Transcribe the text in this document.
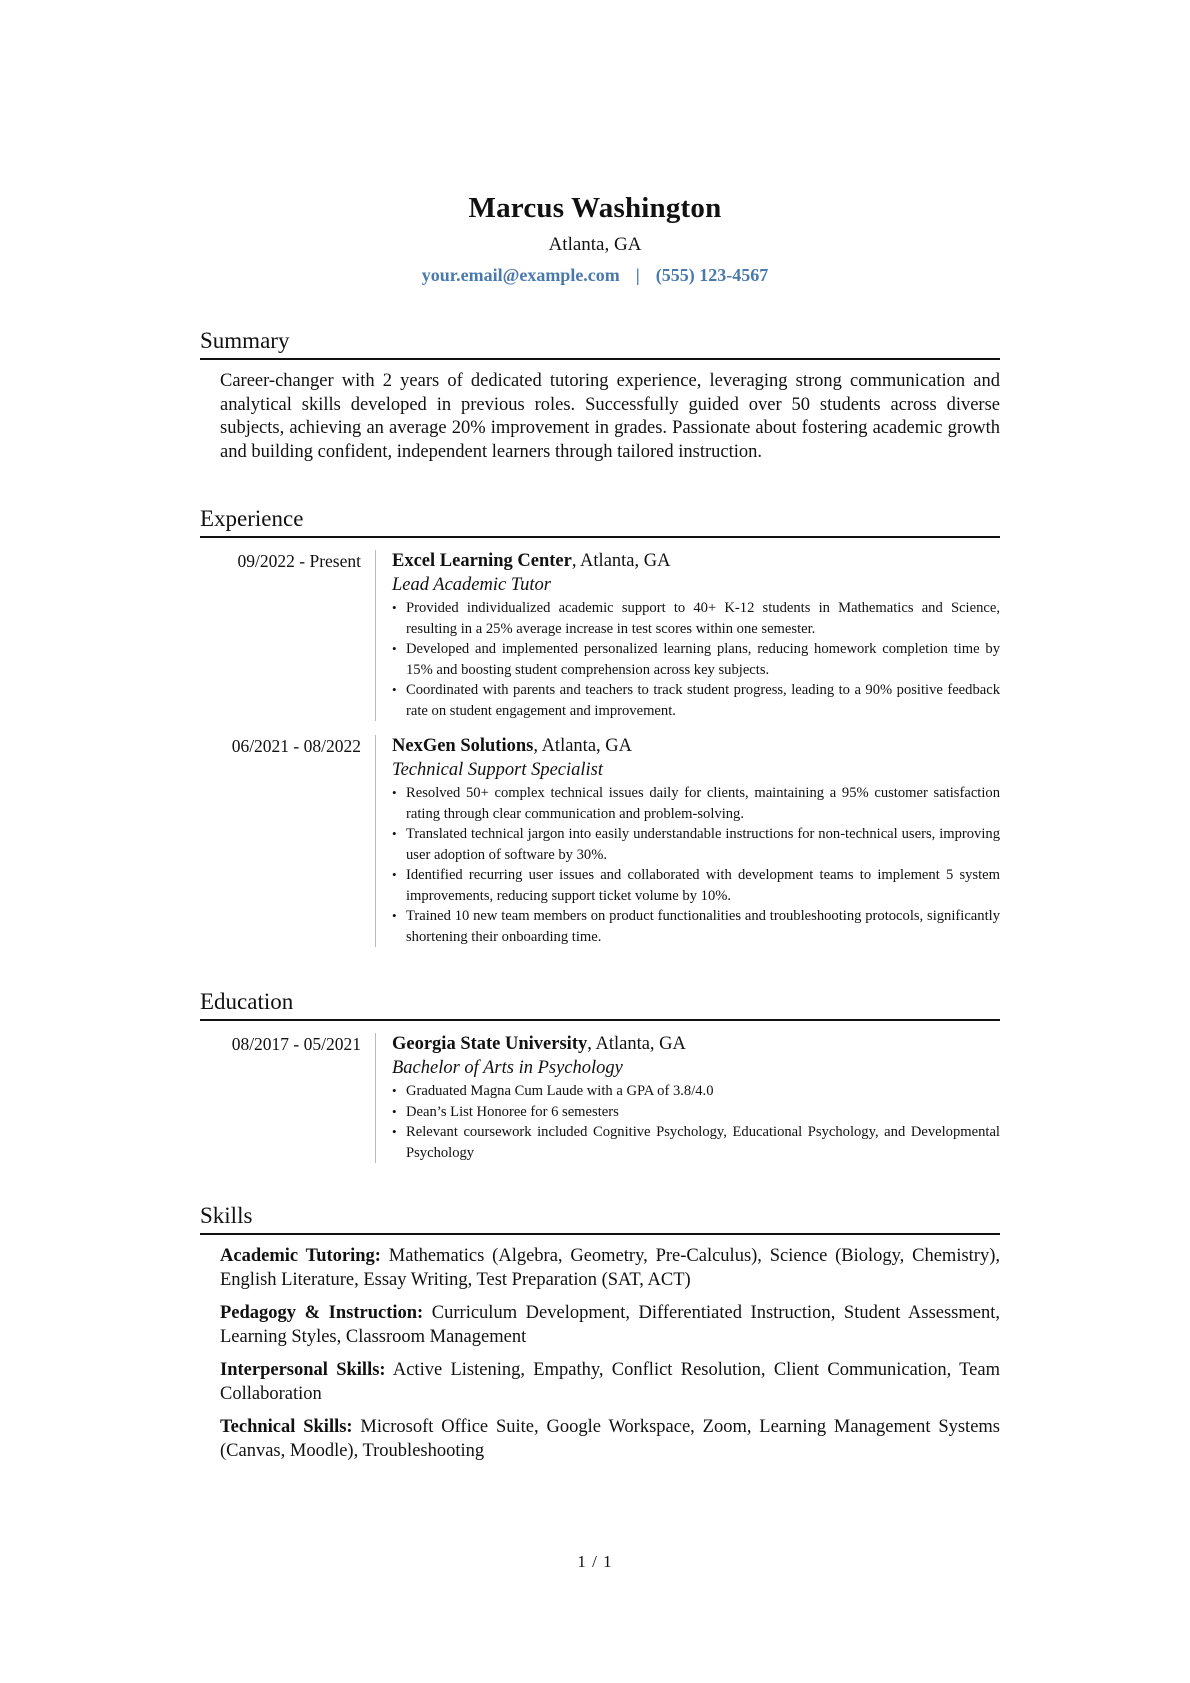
Marcus Washington
Atlanta, GA
your.email@example.com | (555) 123-4567
Summary
Career-changer with 2 years of dedicated tutoring experience, leveraging strong communication and analytical skills developed in previous roles. Successfully guided over 50 students across diverse subjects, achieving an average 20% improvement in grades. Passionate about fostering academic growth and building confident, independent learners through tailored instruction.
Experience
09/2022 - Present	Excel Learning Center, Atlanta, GA
Lead Academic Tutor
• Provided individualized academic support to 40+ K-12 students in Mathematics and Science, resulting in a 25% average increase in test scores within one semester.
• Developed and implemented personalized learning plans, reducing homework completion time by 15% and boosting student comprehension across key subjects.
• Coordinated with parents and teachers to track student progress, leading to a 90% positive feedback rate on student engagement and improvement.
06/2021 - 08/2022	NexGen Solutions, Atlanta, GA
Technical Support Specialist
• Resolved 50+ complex technical issues daily for clients, maintaining a 95% customer satisfaction rating through clear communication and problem-solving.
• Translated technical jargon into easily understandable instructions for non-technical users, improving user adoption of software by 30%.
• Identified recurring user issues and collaborated with development teams to implement 5 system improvements, reducing support ticket volume by 10%.
• Trained 10 new team members on product functionalities and troubleshooting protocols, significantly shortening their onboarding time.
Education
08/2017 - 05/2021	Georgia State University, Atlanta, GA
Bachelor of Arts in Psychology
• Graduated Magna Cum Laude with a GPA of 3.8/4.0
• Dean’s List Honoree for 6 semesters
• Relevant coursework included Cognitive Psychology, Educational Psychology, and Developmental Psychology
Skills
Academic Tutoring: Mathematics (Algebra, Geometry, Pre-Calculus), Science (Biology, Chemistry), English Literature, Essay Writing, Test Preparation (SAT, ACT)
Pedagogy & Instruction: Curriculum Development, Differentiated Instruction, Student Assessment, Learning Styles, Classroom Management
Interpersonal Skills: Active Listening, Empathy, Conflict Resolution, Client Communication, Team Collaboration
Technical Skills: Microsoft Office Suite, Google Workspace, Zoom, Learning Management Systems (Canvas, Moodle), Troubleshooting
1 / 1
